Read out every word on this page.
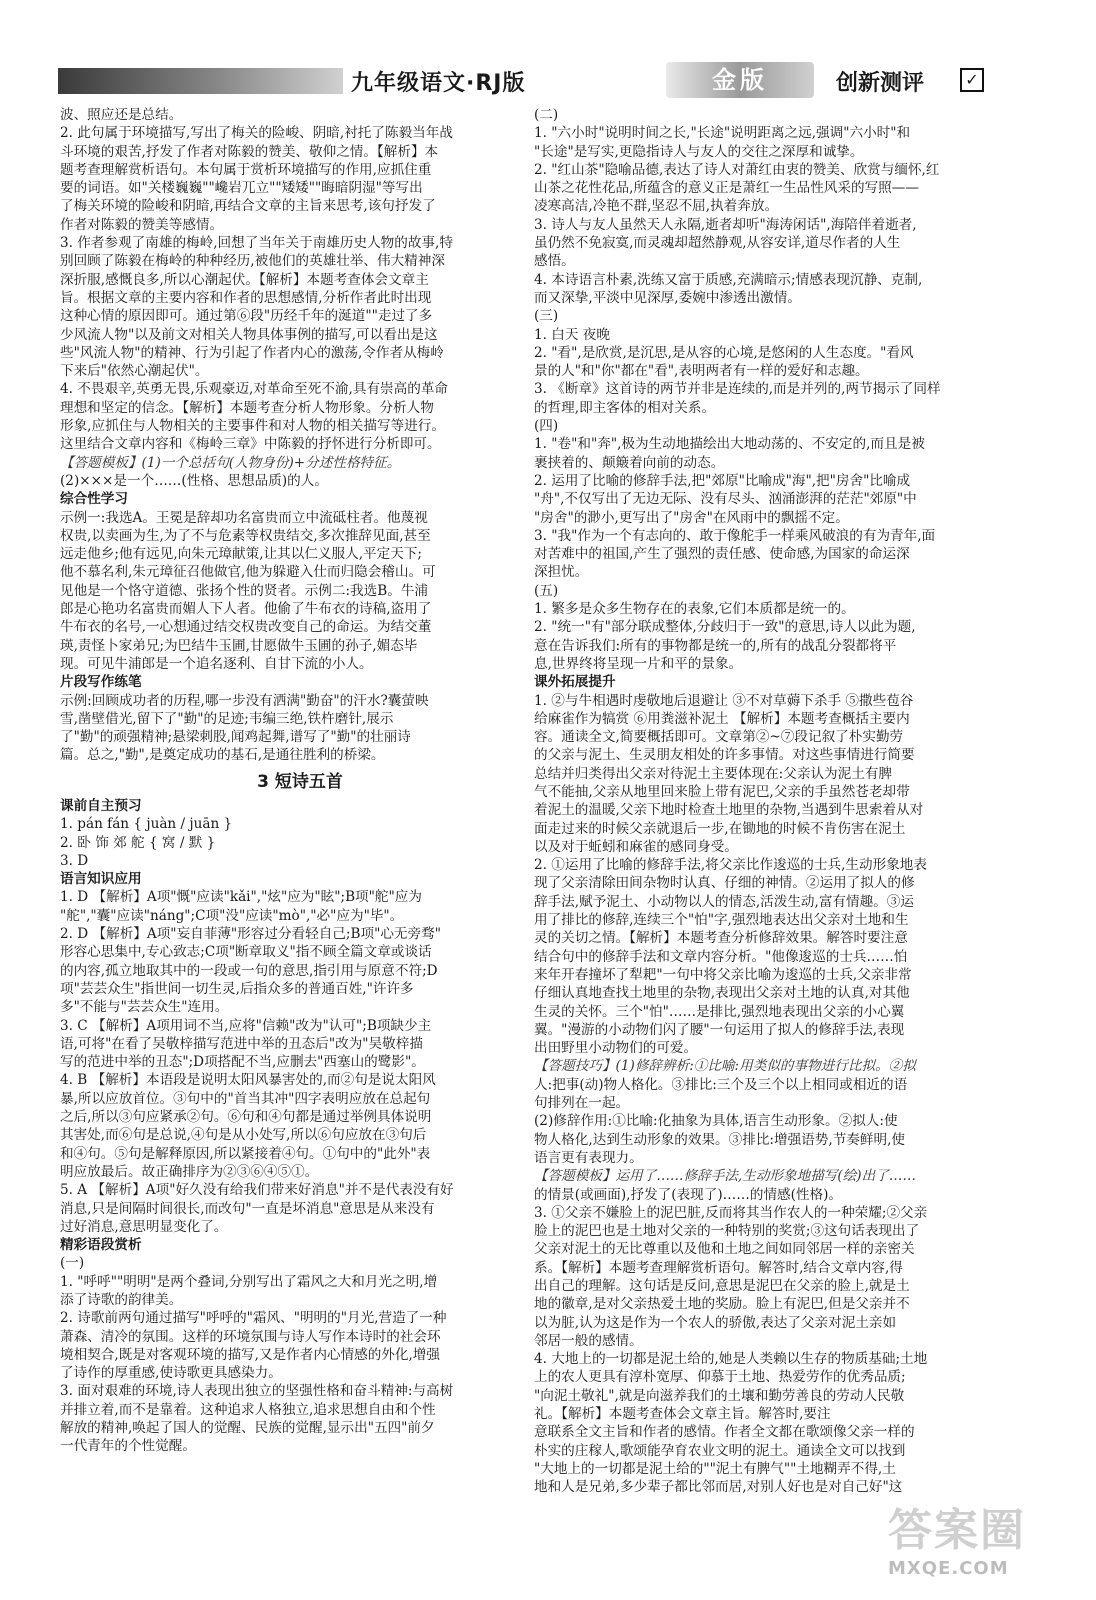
九年级语文·RJ版	金版	创新测评	✓
波、照应还是总结。
2. 此句属于环境描写,写出了梅关的险峻、阴暗,衬托了陈毅当年战
斗环境的艰苦,抒发了作者对陈毅的赞美、敬仰之情。【解析】本
题考查理解赏析语句。本句属于赏析环境描写的作用,应抓住重
要的词语。如"关楼巍巍""巉岩兀立""矮矮""晦暗阴湿"等写出
了梅关环境的险峻和阴暗,再结合文章的主旨来思考,该句抒发了
作者对陈毅的赞美等感情。
3. 作者参观了南雄的梅岭,回想了当年关于南雄历史人物的故事,特
别回顾了陈毅在梅岭的种种经历,被他们的英雄壮举、伟大精神深
深折服,感慨良多,所以心潮起伏。【解析】本题考查体会文章主
旨。根据文章的主要内容和作者的思想感情,分析作者此时出现
这种心情的原因即可。通过第⑥段"历经千年的涎道""走过了多
少风流人物"以及前文对相关人物具体事例的描写,可以看出是这
些"风流人物"的精神、行为引起了作者内心的激荡,令作者从梅岭
下来后"依然心潮起伏"。
4. 不畏艰辛,英勇无畏,乐观豪迈,对革命至死不渝,具有崇高的革命
理想和坚定的信念。【解析】本题考查分析人物形象。分析人物
形象,应抓住与人物相关的主要事件和对人物的相关描写等进行。
这里结合文章内容和《梅岭三章》中陈毅的抒怀进行分析即可。
【答题模板】(1)一个总括句(人物身份)+分述性格特征。
(2)×××是一个……(性格、思想品质)的人。
综合性学习
示例一:我选A。王冕是辞却功名富贵而立中流砥柱者。他蔑视
权贵,以卖画为生,为了不与危素等权贵结交,多次推辞见面,甚至
远走他乡;他有远见,向朱元璋献策,让其以仁义服人,平定天下;
他不慕名利,朱元璋征召他做官,他为躲避入仕而归隐会稽山。可
见他是一个恪守道德、张扬个性的贤者。示例二:我选B。牛浦
郎是心艳功名富贵而媚人下人者。他偷了牛布衣的诗稿,盗用了
牛布衣的名号,一心想通过结交权贵改变自己的命运。为结交董
瑛,责怪卜家弟兄;为巴结牛玉圃,甘愿做牛玉圃的孙子,媚态毕
现。可见牛浦郎是一个追名逐利、自甘下流的小人。
片段写作练笔
示例:回顾成功者的历程,哪一步没有洒满"勤奋"的汗水?囊萤映
雪,凿壁借光,留下了"勤"的足迹;韦编三绝,铁杵磨针,展示
了"勤"的顽强精神;悬梁刺股,闻鸡起舞,谱写了"勤"的壮丽诗
篇。总之,"勤",是奠定成功的基石,是通往胜利的桥梁。
3 短诗五首
课前自主预习
1. pán fán { juàn / juān }
2. 卧 饰 郊 舵 { 窝 / 默 }
3. D
语言知识应用
1. D 【解析】A项"慨"应读"kǎi","炫"应为"眩";B项"舵"应为
"舵","囊"应读"náng";C项"没"应读"mò","必"应为"毕"。
2. D 【解析】A项"妄自菲薄"形容过分看轻自己;B项"心无旁骛"
形容心思集中,专心致志;C项"断章取义"指不顾全篇文章或谈话
的内容,孤立地取其中的一段或一句的意思,指引用与原意不符;D
项"芸芸众生"指世间一切生灵,后指众多的普通百姓,"许许多
多"不能与"芸芸众生"连用。
3. C 【解析】A项用词不当,应将"信赖"改为"认可";B项缺少主
语,可将"在看了吴敬梓描写范进中举的丑态后"改为"吴敬梓描
写的范进中举的丑态";D项搭配不当,应删去"西塞山的鹭影"。
4. B 【解析】本语段是说明太阳风暴害处的,而②句是说太阳风
暴,所以应放首位。③句中的"首当其冲"四字表明应放在总起句
之后,所以③句应紧承②句。⑥句和④句都是通过举例具体说明
其害处,而⑥句是总说,④句是从小处写,所以⑥句应放在③句后
和④句。⑤句是解释原因,所以紧接着④句。①句中的"此外"表
明应放最后。故正确排序为②③⑥④⑤①。
5. A 【解析】A项"好久没有给我们带来好消息"并不是代表没有好
消息,只是间隔时间很长,而改句"一直是坏消息"意思是从来没有
过好消息,意思明显变化了。
精彩语段赏析
(一)
1. "呼呼""明明"是两个叠词,分别写出了霜风之大和月光之明,增
添了诗歌的韵律美。
2. 诗歌前两句通过描写"呼呼的"霜风、"明明的"月光,营造了一种
萧森、清冷的氛围。这样的环境氛围与诗人写作本诗时的社会环
境相契合,既是对客观环境的描写,又是作者内心情感的外化,增强
了诗作的厚重感,使诗歌更具感染力。
3. 面对艰难的环境,诗人表现出独立的坚强性格和奋斗精神:与高树
并排立着,而不是靠着。这种追求人格独立,追求思想自由和个性
解放的精神,唤起了国人的觉醒、民族的觉醒,显示出"五四"前夕
一代青年的个性觉醒。
(二)
1. "六小时"说明时间之长,"长途"说明距离之远,强调"六小时"和
"长途"是写实,更隐指诗人与友人的交往之深厚和诚挚。
2. "红山茶"隐喻品德,表达了诗人对萧红由衷的赞美、欣赏与缅怀,红
山茶之花性花品,所蕴含的意义正是萧红一生品性风采的写照——
凌寒高洁,冷艳不群,坚忍不屈,执着奔放。
3. 诗人与友人虽然天人永隔,逝者却听"海涛闲话",海陪伴着逝者,
虽仍然不免寂寞,而灵魂却超然静观,从容安详,道尽作者的人生
感悟。
4. 本诗语言朴素,洗练又富于质感,充满暗示;情感表现沉静、克制,
而又深挚,平淡中见深厚,委婉中渗透出激情。
(三)
1. 白天 夜晚
2. "看",是欣赏,是沉思,是从容的心境,是悠闲的人生态度。"看风
景的人"和"你"都在"看",表明两者有一样的爱好和志趣。
3. 《断章》这首诗的两节并非是连续的,而是并列的,两节揭示了同样
的哲理,即主客体的相对关系。
(四)
1. "卷"和"奔",极为生动地描绘出大地动荡的、不安定的,而且是被
裹挟着的、颠簸着向前的动态。
2. 运用了比喻的修辞手法,把"郊原"比喻成"海",把"房舍"比喻成
"舟",不仅写出了无边无际、没有尽头、汹涌澎湃的茫茫"郊原"中
"房舍"的渺小,更写出了"房舍"在风雨中的飘摇不定。
3. "我"作为一个有志向的、敢于像舵手一样乘风破浪的有为青年,面
对苦难中的祖国,产生了强烈的责任感、使命感,为国家的命运深
深担忧。
(五)
1. 繁多是众多生物存在的表象,它们本质都是统一的。
2. "统一"有"部分联成整体,分歧归于一致"的意思,诗人以此为题,
意在告诉我们:所有的事物都是统一的,所有的战乱分裂都将平
息,世界终将呈现一片和平的景象。
课外拓展提升
1. ②与牛相遇时虔敬地后退避让 ③不对草薅下杀手 ⑤撒些苞谷
给麻雀作为犒赏 ⑥用粪滋补泥土 【解析】本题考查概括主要内
容。通读全文,简要概括即可。文章第②~⑦段记叙了朴实勤劳
的父亲与泥土、生灵朋友相处的许多事情。对这些事情进行简要
总结并归类得出父亲对待泥土主要体现在:父亲认为泥土有脾
气不能抽,父亲从地里回来脸上带有泥巴,父亲的手虽然苍老却带
着泥土的温暖,父亲下地时检查土地里的杂物,当遇到牛思索着从对
面走过来的时候父亲就退后一步,在锄地的时候不肯伤害在泥土
以及对于蚯蚓和麻雀的感同身受。
2. ①运用了比喻的修辞手法,将父亲比作逡巡的士兵,生动形象地表
现了父亲清除田间杂物时认真、仔细的神情。②运用了拟人的修
辞手法,赋予泥土、小动物以人的情态,活泼生动,富有情趣。③运
用了排比的修辞,连续三个"怕"字,强烈地表达出父亲对土地和生
灵的关切之情。【解析】本题考查分析修辞效果。解答时要注意
结合句中的修辞手法和文章内容分析。"他像逡巡的士兵……怕
来年开春撞坏了犁耙"一句中将父亲比喻为逡巡的士兵,父亲非常
仔细认真地查找土地里的杂物,表现出父亲对土地的认真,对其他
生灵的关怀。三个"怕"……是排比,强烈地表现出父亲的小心翼
翼。"漫游的小动物们闪了腰"一句运用了拟人的修辞手法,表现
出田野里小动物们的可爱。
【答题技巧】(1)修辞辨析:①比喻:用类似的事物进行比拟。②拟
人:把事(动)物人格化。③排比:三个及三个以上相同或相近的语
句排列在一起。
(2)修辞作用:①比喻:化抽象为具体,语言生动形象。②拟人:使
物人格化,达到生动形象的效果。③排比:增强语势,节奏鲜明,使
语言更有表现力。
【答题模板】运用了……修辞手法,生动形象地描写(绘)出了……
的情景(或画面),抒发了(表现了)……的情感(性格)。
3. ①父亲不嫌脸上的泥巴脏,反而将其当作农人的一种荣耀;②父亲
脸上的泥巴也是土地对父亲的一种特别的奖赏;③这句话表现出了
父亲对泥土的无比尊重以及他和土地之间如同邻居一样的亲密关
系。【解析】本题考查理解赏析语句。解答时,结合文章内容,得
出自己的理解。这句话是反问,意思是泥巴在父亲的脸上,就是土
地的徽章,是对父亲热爱土地的奖励。脸上有泥巴,但是父亲并不
以为脏,认为这是作为一个农人的骄傲,表达了父亲对泥土亲如
邻居一般的感情。
4. 大地上的一切都是泥土给的,她是人类赖以生存的物质基础;土地
上的农人更具有淳朴宽厚、仰慕于土地、热爱劳作的优秀品质;
"向泥土敬礼",就是向滋养我们的土壤和勤劳善良的劳动人民敬
礼。【解析】本题考查体会文章主旨。解答时,要注
意联系全文主旨和作者的感情。作者全文都在歌颂像父亲一样的
朴实的庄稼人,歌颂能孕育农业文明的泥土。通读全文可以找到
"大地上的一切都是泥土给的""泥土有脾气""土地糊弄不得,土
地和人是兄弟,多少辈子都比邻而居,对别人好也是对自己好"这
答案圈
MXQE.COM
